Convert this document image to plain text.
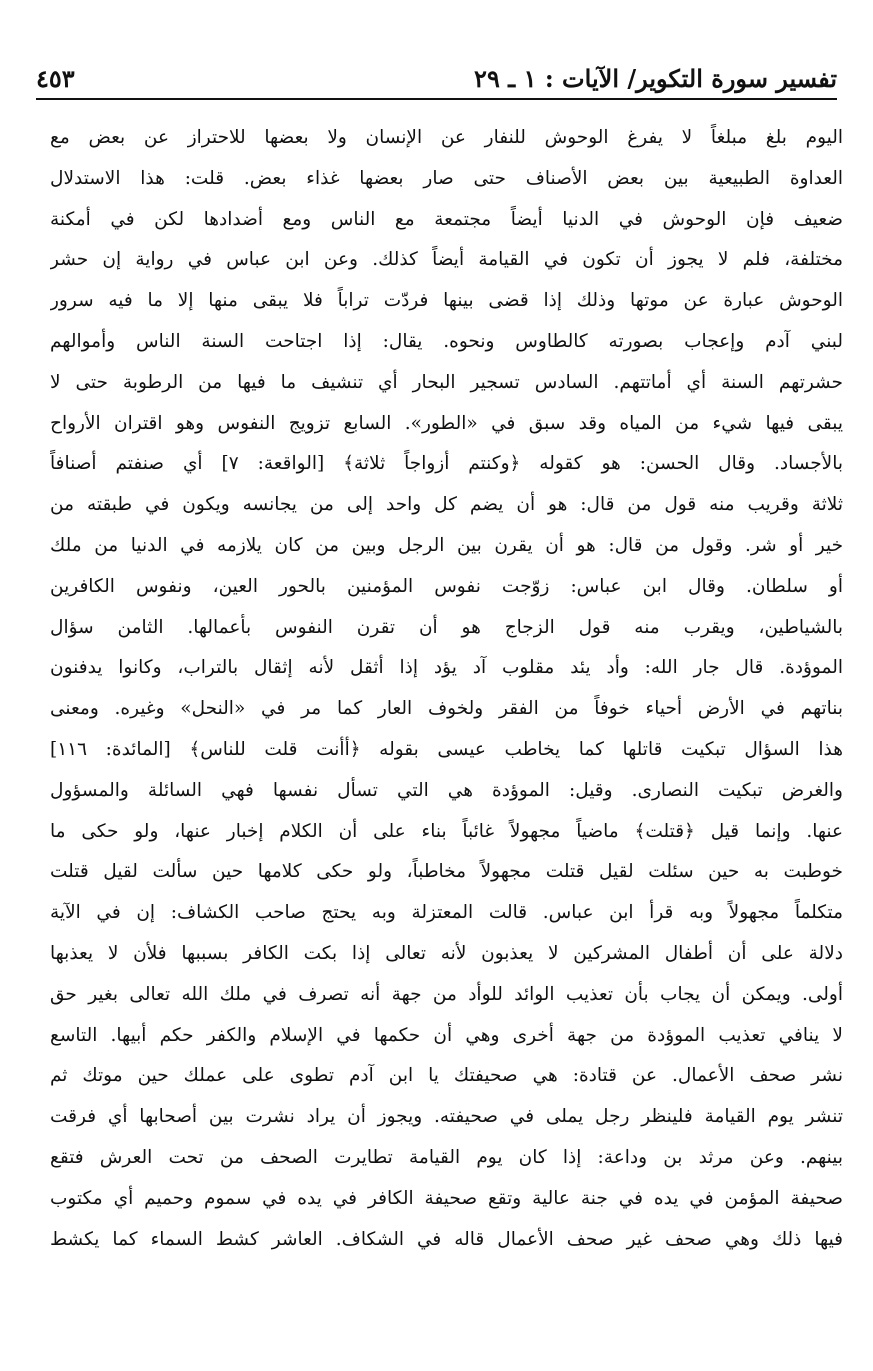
تفسير سورة التكوير/ الآيات : ١ ـ ٢٩
٤٥٣
اليوم بلغ مبلغاً لا يفرغ الوحوش للنفار عن الإنسان ولا بعضها للاحتراز عن بعض مع
العداوة الطبيعية بين بعض الأصناف حتى صار بعضها غذاء بعض. قلت: هذا الاستدلال
ضعيف فإن الوحوش في الدنيا أيضاً مجتمعة مع الناس ومع أضدادها لكن في أمكنة
مختلفة، فلم لا يجوز أن تكون في القيامة أيضاً كذلك. وعن ابن عباس في رواية إن حشر
الوحوش عبارة عن موتها وذلك إذا قضى بينها فردّت تراباً فلا يبقى منها إلا ما فيه سرور
لبني آدم وإعجاب بصورته كالطاوس ونحوه. يقال: إذا اجتاحت السنة الناس وأموالهم
حشرتهم السنة أي أماتتهم. السادس تسجير البحار أي تنشيف ما فيها من الرطوبة حتى لا
يبقى فيها شيء من المياه وقد سبق في «الطور». السابع تزويج النفوس وهو اقتران الأرواح
بالأجساد. وقال الحسن: هو كقوله ﴿وكنتم أزواجاً ثلاثة﴾ [الواقعة: ٧] أي صنفتم أصنافاً
ثلاثة وقريب منه قول من قال: هو أن يضم كل واحد إلى من يجانسه ويكون في طبقته من
خير أو شر. وقول من قال: هو أن يقرن بين الرجل وبين من كان يلازمه في الدنيا من ملك
أو سلطان. وقال ابن عباس: زوّجت نفوس المؤمنين بالحور العين، ونفوس الكافرين
بالشياطين، ويقرب منه قول الزجاج هو أن تقرن النفوس بأعمالها. الثامن سؤال
الموؤدة. قال جار الله: وأد يئد مقلوب آد يؤد إذا أثقل لأنه إثقال بالتراب، وكانوا يدفنون
بناتهم في الأرض أحياء خوفاً من الفقر ولخوف العار كما مر في «النحل» وغيره. ومعنى
هذا السؤال تبكيت قاتلها كما يخاطب عيسى بقوله ﴿أأنت قلت للناس﴾ [المائدة: ١١٦]
والغرض تبكيت النصارى. وقيل: الموؤدة هي التي تسأل نفسها فهي السائلة والمسؤول
عنها. وإنما قيل ﴿قتلت﴾ ماضياً مجهولاً غائباً بناء على أن الكلام إخبار عنها، ولو حكى ما
خوطبت به حين سئلت لقيل قتلت مجهولاً مخاطباً، ولو حكى كلامها حين سألت لقيل قتلت
متكلماً مجهولاً وبه قرأ ابن عباس. قالت المعتزلة وبه يحتج صاحب الكشاف: إن في الآية
دلالة على أن أطفال المشركين لا يعذبون لأنه تعالى إذا بكت الكافر بسببها فلأن لا يعذبها
أولى. ويمكن أن يجاب بأن تعذيب الوائد للوأد من جهة أنه تصرف في ملك الله تعالى بغير حق
لا ينافي تعذيب الموؤدة من جهة أخرى وهي أن حكمها في الإسلام والكفر حكم أبيها. التاسع
نشر صحف الأعمال. عن قتادة: هي صحيفتك يا ابن آدم تطوى على عملك حين موتك ثم
تنشر يوم القيامة فلينظر رجل يملى في صحيفته. ويجوز أن يراد نشرت بين أصحابها أي فرقت
بينهم. وعن مرثد بن وداعة: إذا كان يوم القيامة تطايرت الصحف من تحت العرش فتقع
صحيفة المؤمن في يده في جنة عالية وتقع صحيفة الكافر في يده في سموم وحميم أي مكتوب
فيها ذلك وهي صحف غير صحف الأعمال قاله في الشكاف. العاشر كشط السماء كما يكشط
